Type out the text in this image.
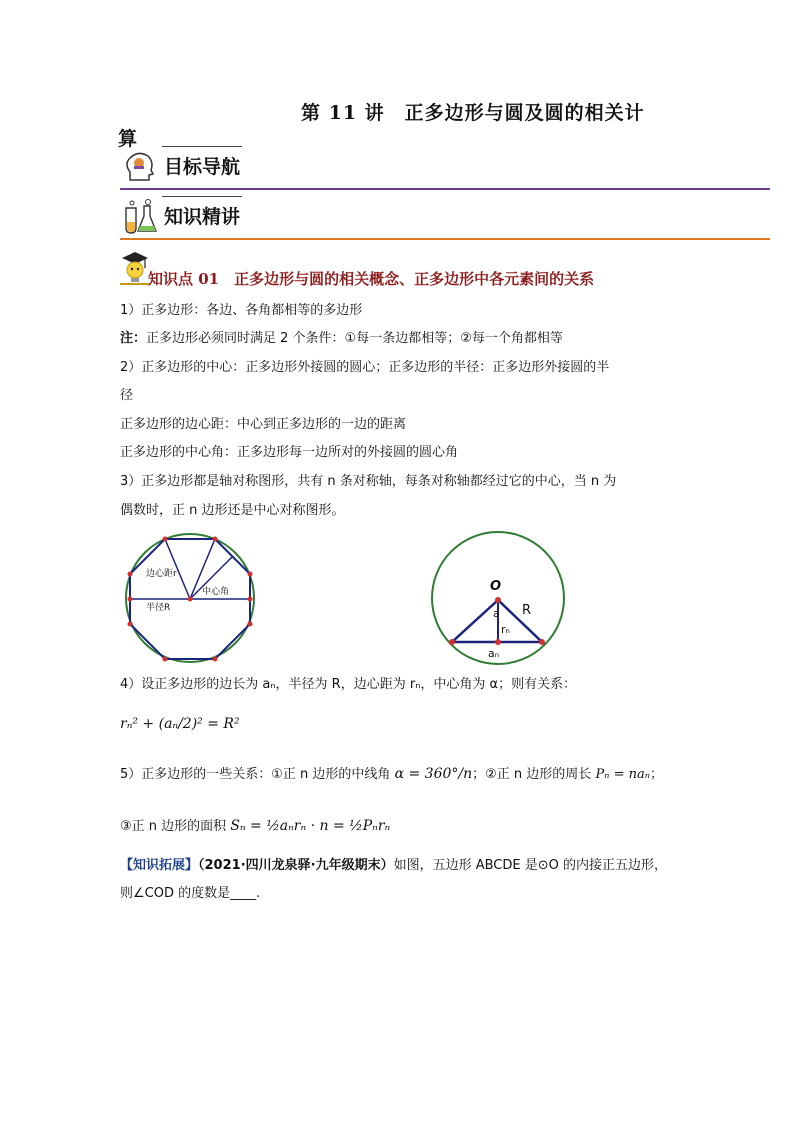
第 11 讲　正多边形与圆及圆的相关计
算
目标导航
知识精讲
知识点 01　正多边形与圆的相关概念、正多边形中各元素间的关系
1）正多边形：各边、各角都相等的多边形
注：正多边形必须同时满足 2 个条件：①每一条边都相等；②每一个角都相等
2）正多边形的中心：正多边形外接圆的圆心；正多边形的半径：正多边形外接圆的半
径
正多边形的边心距：中心到正多边形的一边的距离
正多边形的中心角：正多边形每一边所对的外接圆的圆心角
3）正多边形都是轴对称图形，共有 n 条对称轴，每条对称轴都经过它的中心，当 n 为
偶数时，正 n 边形还是中心对称图形。
边心距r
中心角
半径R
O
R
a
rₙ
aₙ
4）设正多边形的边长为 aₙ，半径为 R，边心距为 rₙ，中心角为 α；则有关系：
rₙ² + (aₙ/2)² = R²
5）正多边形的一些关系：①正 n 边形的中线角 α = 360°/n；②正 n 边形的周长 Pₙ = naₙ；
③正 n 边形的面积 Sₙ = ½aₙrₙ · n = ½Pₙrₙ
【知识拓展】（2021·四川龙泉驿·九年级期末）如图，五边形 ABCDE 是⊙O 的内接正五边形，
则∠COD 的度数是____.
